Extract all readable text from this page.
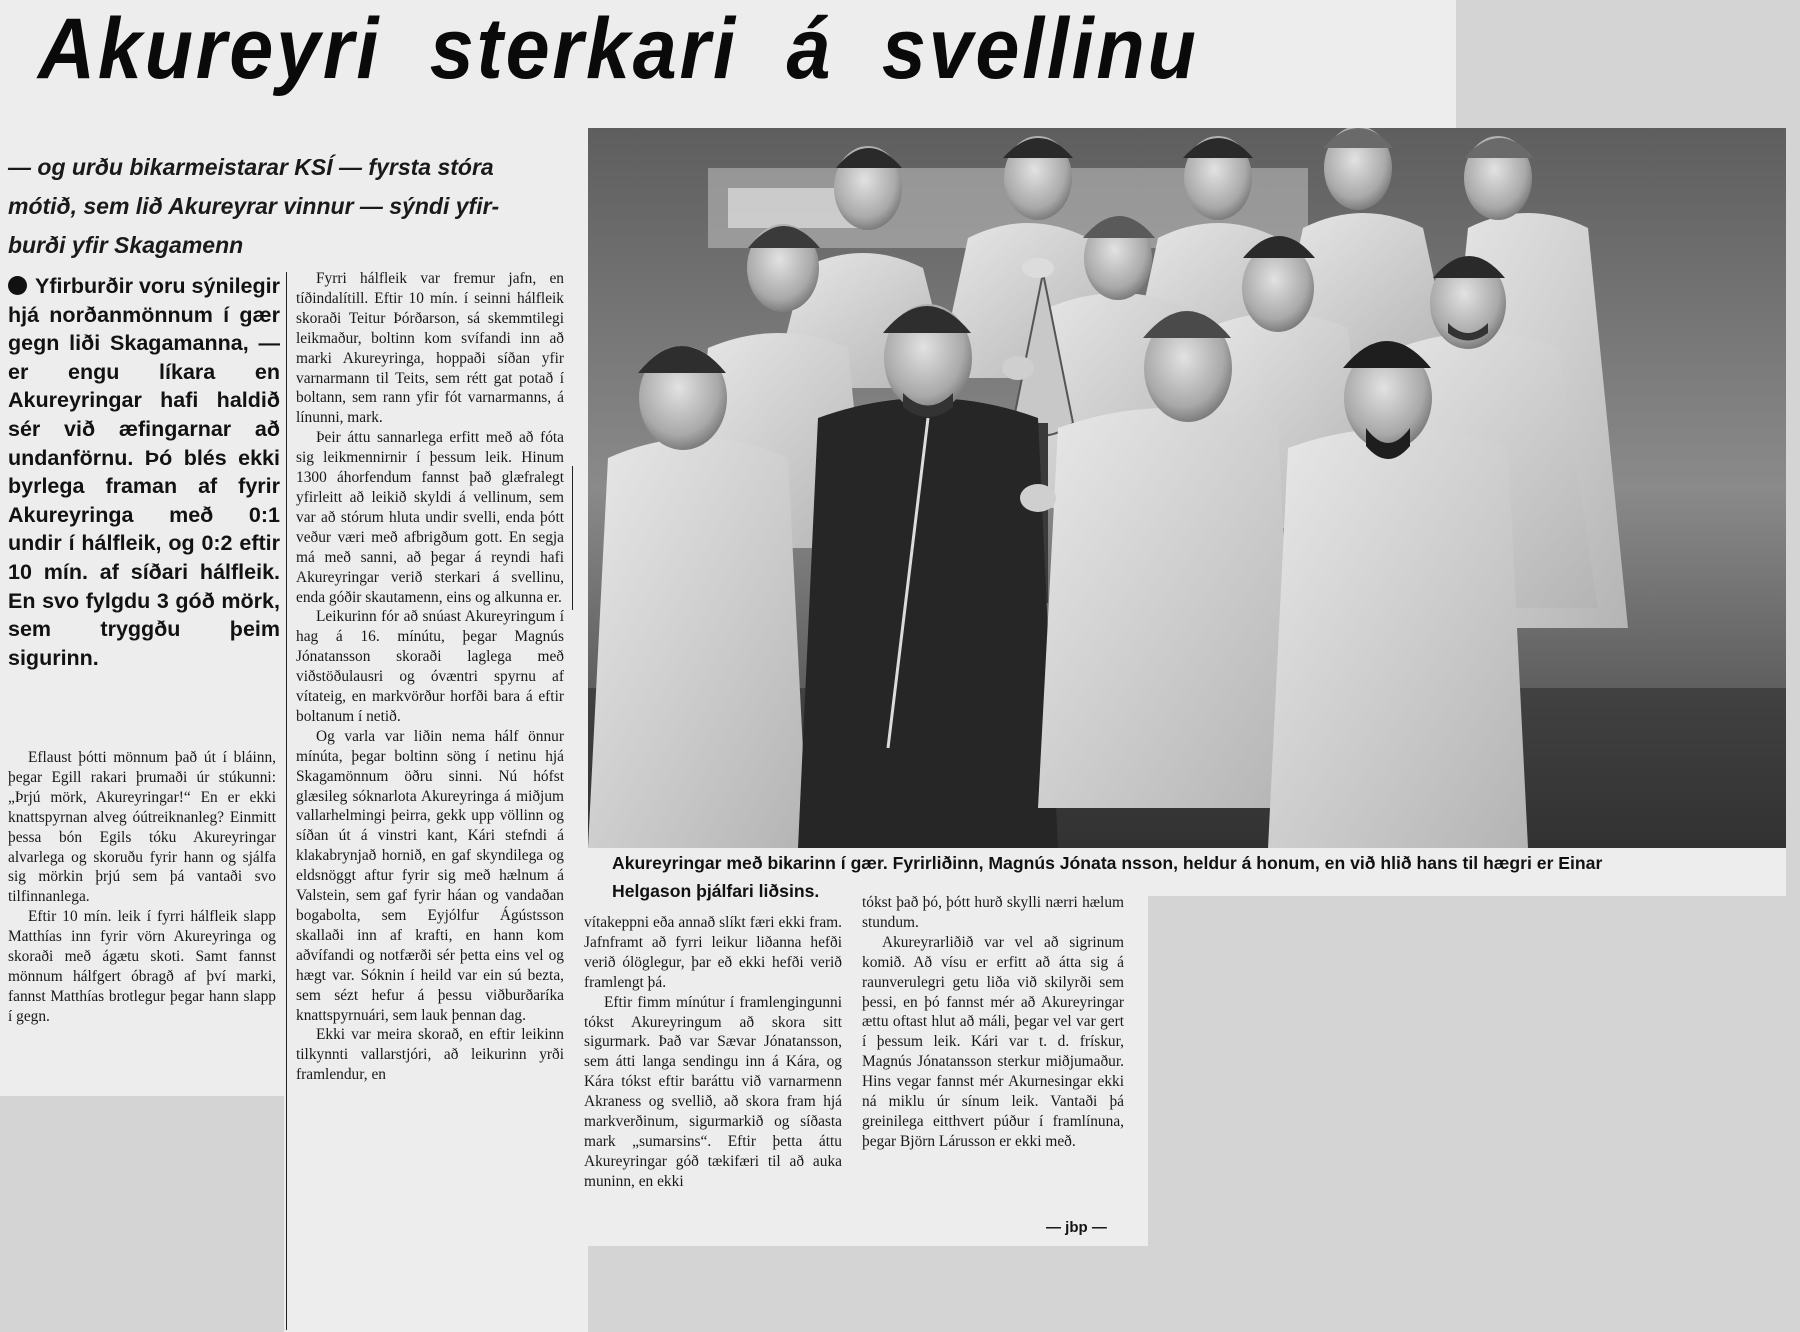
Akureyri sterkari á svellinu

— og urðu bikarmeistarar KSÍ — fyrsta stóra

mótið, sem lið Akureyrar vinnur — sýndi yfir-

burði yfir Skagamenn

Yfirburðir voru sýnilegir hjá norðanmönnum í gær gegn liði Skagamanna, — er engu líkara en Akureyringar hafi haldið sér við æfingarnar að undanförnu. Þó blés ekki byrlega framan af fyrir Akureyringa með 0:1 undir í hálfleik, og 0:2 eftir 10 mín. af síðari hálfleik. En svo fylgdu 3 góð mörk, sem tryggðu þeim sigurinn.

Eflaust þótti mönnum það út í bláinn, þegar Egill rakari þrumaði úr stúkunni: „Þrjú mörk, Akureyringar!“ En er ekki knattspyrnan alveg óútreiknanleg? Einmitt þessa bón Egils tóku Akureyringar alvarlega og skoruðu fyrir hann og sjálfa sig mörkin þrjú sem þá vantaði svo tilfinnanlega.

Eftir 10 mín. leik í fyrri hálfleik slapp Matthías inn fyrir vörn Akureyringa og skoraði með ágætu skoti. Samt fannst mönnum hálfgert óbragð af því marki, fannst Matthías brotlegur þegar hann slapp í gegn.

Fyrri hálfleik var fremur jafn, en tíðindalítill. Eftir 10 mín. í seinni hálfleik skoraði Teitur Þórðarson, sá skemmtilegi leikmaður, boltinn kom svífandi inn að marki Akureyringa, hoppaði síðan yfir varnarmann til Teits, sem rétt gat potað í boltann, sem rann yfir fót varnarmanns, á línunni, mark.

Þeir áttu sannarlega erfitt með að fóta sig leikmennirnir í þessum leik. Hinum 1300 áhorfendum fannst það glæfralegt yfirleitt að leikið skyldi á vellinum, sem var að stórum hluta undir svelli, enda þótt veður væri með afbrigðum gott. En segja má með sanni, að þegar á reyndi hafi Akureyringar verið sterkari á svellinu, enda góðir skautamenn, eins og alkunna er.

Leikurinn fór að snúast Akureyringum í hag á 16. mínútu, þegar Magnús Jónatansson skoraði laglega með viðstöðulausri og óvæntri spyrnu af vítateig, en markvörður horfði bara á eftir boltanum í netið.

Og varla var liðin nema hálf önnur mínúta, þegar boltinn söng í netinu hjá Skagamönnum öðru sinni. Nú hófst glæsileg sóknarlota Akureyringa á miðjum vallarhelmingi þeirra, gekk upp völlinn og síðan út á vinstri kant, Kári stefndi á klakabrynjað hornið, en gaf skyndilega og eldsnöggt aftur fyrir sig með hælnum á Valstein, sem gaf fyrir háan og vandaðan bogabolta, sem Eyjólfur Ágústsson skallaði inn af krafti, en hann kom aðvífandi og notfærði sér þetta eins vel og hægt var. Sóknin í heild var ein sú bezta, sem sézt hefur á þessu viðburðaríka knattspyrnuári, sem lauk þennan dag.

Ekki var meira skorað, en eftir leikinn tilkynnti vallarstjóri, að leikurinn yrði framlendur, en

Akureyringar með bikarinn í gær. Fyrirliðinn, Magnús Jónata nsson, heldur á honum, en við hlið hans til hægri er Einar
Helgason þjálfari liðsins.

vítakeppni eða annað slíkt færi ekki fram. Jafnframt að fyrri leikur liðanna hefði verið ólöglegur, þar eð ekki hefði verið framlengt þá.

Eftir fimm mínútur í framlengingunni tókst Akureyringum að skora sitt sigurmark. Það var Sævar Jónatansson, sem átti langa sendingu inn á Kára, og Kára tókst eftir baráttu við varnarmenn Akraness og svellið, að skora fram hjá markverðinum, sigurmarkið og síðasta mark „sumarsins“. Eftir þetta áttu Akureyringar góð tækifæri til að auka muninn, en ekki

tókst það þó, þótt hurð skylli nærri hælum stundum.

Akureyrarliðið var vel að sigrinum komið. Að vísu er erfitt að átta sig á raunverulegri getu liða við skilyrði sem þessi, en þó fannst mér að Akureyringar ættu oftast hlut að máli, þegar vel var gert í þessum leik. Kári var t. d. frískur, Magnús Jónatansson sterkur miðjumaður. Hins vegar fannst mér Akurnesingar ekki ná miklu úr sínum leik. Vantaði þá greinilega eitthvert púður í framlínuna, þegar Björn Lárusson er ekki með.

— jbp —
